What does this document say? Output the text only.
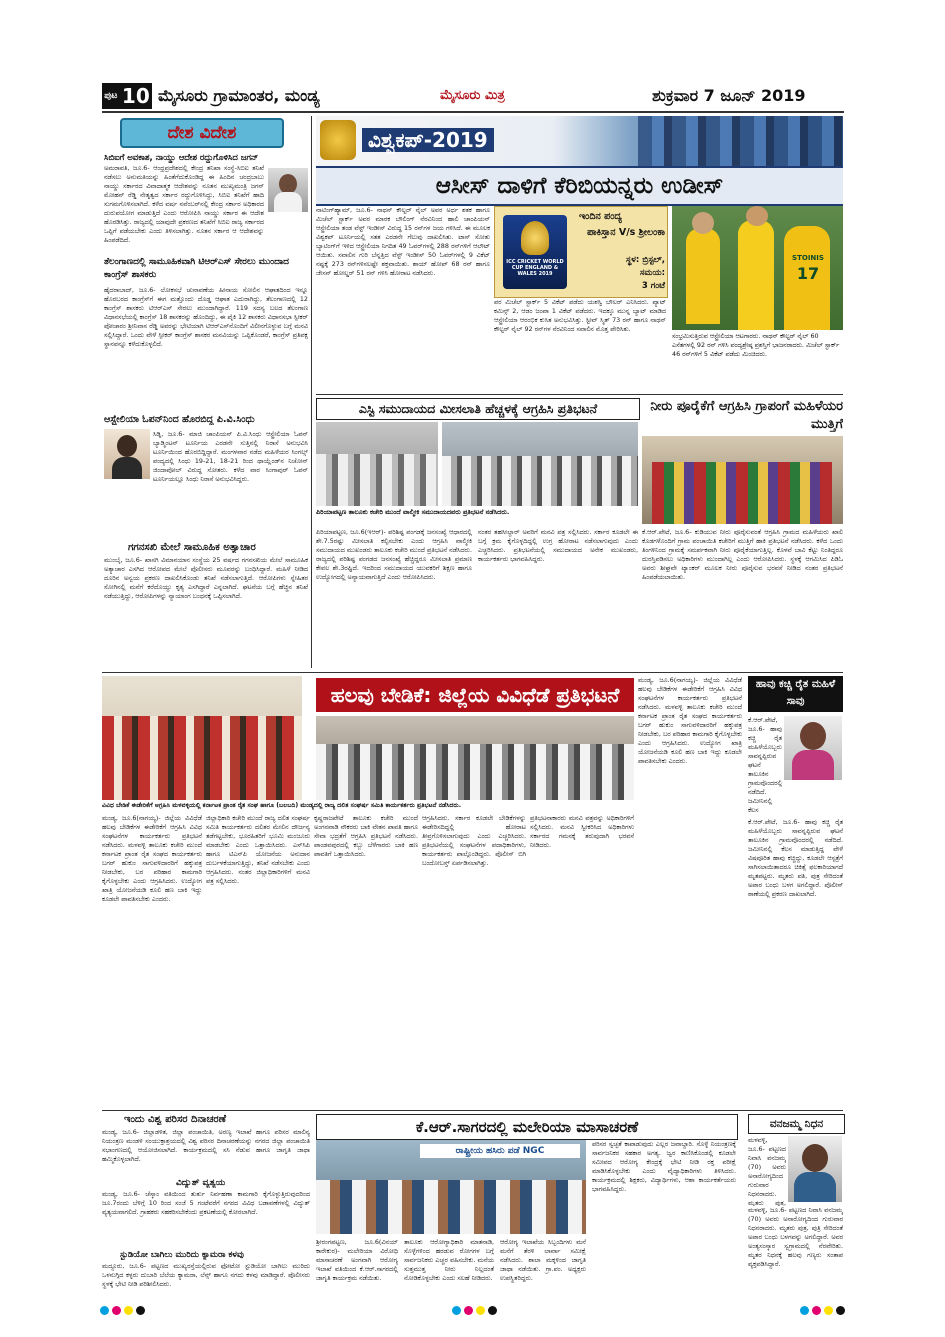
ಪುಟ 10 ಮೈಸೂರು ಗ್ರಾಮಾಂತರ, ಮಂಡ್ಯ	ಮೈಸೂರು ಮಿತ್ರ	ಶುಕ್ರವಾರ 7 ಜೂನ್ 2019
ದೇಶ ವಿದೇಶ
ಸಿಬಿಐಗೆ ಅವಕಾಶ, ನಾಯ್ಡು ಆದೇಶ ರದ್ದುಗೊಳಿಸಿದ ಜಗನ್
ಅಮರಾವತಿ, ಜೂ.6- ಆಂಧ್ರಪ್ರದೇಶದಲ್ಲಿ ಕೇಂದ್ರ ತನಿಖಾ ಸಂಸ್ಥೆ-ಸಿಬಿಐ ತನಿಖೆ ನಡೆಸಲು ಅನುಮತಿಯನ್ನು ಹಿಂತೆಗೆದುಕೊಂಡಿದ್ದ ಈ ಹಿಂದಿನ ಚಂದ್ರಬಾಬು ನಾಯ್ಡು ಸರ್ಕಾರದ ವಿವಾದಾತ್ಮಕ ಆದೇಶವನ್ನು ನೂತನ ಮುಖ್ಯಮಂತ್ರಿ ಜಗನ್ ಮೋಹನ್ ರೆಡ್ಡಿ ನೇತೃತ್ವದ ಸರ್ಕಾರ ರದ್ದುಗೊಳಿಸಿದ್ದು, ಸಿಬಿಐ ತನಿಖೆಗೆ ಹಾದಿ ಸುಗಮಗೊಳಿಸಲಾಗಿದೆ. ಕಳೆದ ವರ್ಷ ನವೆಂಬರ್‌ನಲ್ಲಿ ಕೇಂದ್ರ ಸರ್ಕಾರ ಅಧಿಕಾರದ ದುರುಪಯೋಗ ಮಾಡುತ್ತಿದೆ ಎಂದು ಆರೋಪಿಸಿ ನಾಯ್ಡು ಸರ್ಕಾರ ಈ ಆದೇಶ ಹೊರಡಿಸಿತ್ತು. ರಾಜ್ಯದಲ್ಲಿ ಯಾವುದೇ ಪ್ರಕರಣದ ತನಿಖೆಗೆ ಸಿಬಿಐ ರಾಜ್ಯ ಸರ್ಕಾರದ ಒಪ್ಪಿಗೆ ಪಡೆಯಬೇಕು ಎಂದು ತಿಳಿಸಲಾಗಿತ್ತು. ನೂತನ ಸರ್ಕಾರ ಆ ಆದೇಶವನ್ನು ಹಿಂಪಡೆದಿದೆ.
ತೆಲಂಗಾಣದಲ್ಲಿ ಸಾಮೂಹಿಕವಾಗಿ ಟಿಆರ್‌ಎಸ್ ಸೇರಲು ಮುಂದಾದ ಕಾಂಗ್ರೆಸ್ ಶಾಸಕರು
ಹೈದರಾಬಾದ್, ಜೂ.6- ಲೋಕಸಭೆ ಚುನಾವಣೆಯ ಹೀನಾಯ ಸೋಲಿನ ಆಘಾತದಿಂದ ಇನ್ನೂ ಹೊರಬರದ ಕಾಂಗ್ರೆಸ್‌ಗೆ ಈಗ ಮತ್ತೊಂದು ದೊಡ್ಡ ಆಘಾತ ಎದುರಾಗಿದ್ದು, ತೆಲಂಗಾಣದಲ್ಲಿ 12 ಕಾಂಗ್ರೆಸ್ ಶಾಸಕರು ಟಿಆರ್‌ಎಸ್ ಸೇರಲು ಮುಂದಾಗಿದ್ದಾರೆ. 119 ಸದಸ್ಯ ಬಲದ ತೆಲಂಗಾಣ ವಿಧಾನಸಭೆಯಲ್ಲಿ ಕಾಂಗ್ರೆಸ್ 18 ಶಾಸಕರನ್ನು ಹೊಂದಿದ್ದು, ಈ ಪೈಕಿ 12 ಶಾಸಕರು ವಿಧಾನಸಭಾ ಸ್ಪೀಕರ್ ಪೋಚಾರಂ ಶ್ರೀನಿವಾಸ ರೆಡ್ಡಿ ಅವರನ್ನು ಭೇಟಿಯಾಗಿ ಟಿಆರ್‌ಎಸ್‌ನೊಂದಿಗೆ ವಿಲೀನಗೊಳ್ಳುವ ಬಗ್ಗೆ ಮನವಿ ಸಲ್ಲಿಸಿದ್ದಾರೆ. ಒಂದು ವೇಳೆ ಸ್ಪೀಕರ್ ಕಾಂಗ್ರೆಸ್ ಶಾಸಕರ ಮನವಿಯನ್ನು ಒಪ್ಪಿಕೊಂಡರೆ, ಕಾಂಗ್ರೆಸ್ ಪ್ರತಿಪಕ್ಷ ಸ್ಥಾನವನ್ನೂ ಕಳೆದುಕೊಳ್ಳಲಿದೆ.
ಆಸ್ಟ್ರೇಲಿಯಾ ಓಪನ್‌ನಿಂದ ಹೊರಬಿದ್ದ ಪಿ.ವಿ.ಸಿಂಧು
ಸಿಡ್ನಿ, ಜೂ.6- ಮಾಜಿ ಚಾಂಪಿಯನ್ ಪಿ.ವಿ.ಸಿಂಧು ಆಸ್ಟ್ರೇಲಿಯಾ ಓಪನ್ ಬ್ಯಾಡ್ಮಿಂಟನ್ ಟೂರ್ನಿಯ ಎರಡನೇ ಸುತ್ತಿನಲ್ಲಿ ನಿರಾಸೆ ಅನುಭವಿಸಿ ಟೂರ್ನಿಯಿಂದ ಹೊರಬಿದ್ದಿದ್ದಾರೆ. ಮಂಗಳವಾರ ನಡೆದ ಮಹಿಳೆಯರ ಸಿಂಗಲ್ಸ್ ಪಂದ್ಯದಲ್ಲಿ ಸಿಂಧು 19-21, 18-21 ರಿಂದ ಥಾಯ್ಲೆಂಡ್‌ನ ನಿಚೋನ್ ಜಿಂದಾಪೋಲ್ ವಿರುದ್ಧ ಸೋತರು. ಕಳೆದ ವಾರ ಸಿಂಗಾಪುರ್ ಓಪನ್ ಟೂರ್ನಿಯಲ್ಲೂ ಸಿಂಧು ನಿರಾಸೆ ಅನುಭವಿಸಿದ್ದರು.
ಗಗನಸಖಿ ಮೇಲೆ ಸಾಮೂಹಿಕ ಅತ್ಯಾಚಾರ
ಮುಂಬೈ, ಜೂ.6- ಖಾಸಗಿ ವಿಮಾನಯಾನ ಸಂಸ್ಥೆಯ 25 ವರ್ಷದ ಗಗನಸಖಿಯ ಮೇಲೆ ಸಾಮೂಹಿಕ ಅತ್ಯಾಚಾರ ಎಸಗಿದ ಆರೋಪದ ಮೇಲೆ ಪೊಲೀಸರು ಮೂವರನ್ನು ಬಂಧಿಸಿದ್ದಾರೆ. ಮಹಿಳೆ ನೀಡಿದ ದೂರಿನ ಅನ್ವಯ ಪ್ರಕರಣ ದಾಖಲಿಸಿಕೊಂಡು ತನಿಖೆ ನಡೆಸಲಾಗುತ್ತಿದೆ. ಆರೋಪಿಗಳು ಸ್ನೇಹಿತರ ಸೋಗಿನಲ್ಲಿ ಮನೆಗೆ ಕರೆದೊಯ್ದು ಕೃತ್ಯ ಎಸಗಿದ್ದಾರೆ ಎನ್ನಲಾಗಿದೆ. ಘಟನೆಯ ಬಗ್ಗೆ ಹೆಚ್ಚಿನ ತನಿಖೆ ನಡೆಯುತ್ತಿದ್ದು, ಆರೋಪಿಗಳನ್ನು ನ್ಯಾಯಾಂಗ ಬಂಧನಕ್ಕೆ ಒಪ್ಪಿಸಲಾಗಿದೆ.
ವಿಶ್ವಕಪ್-2019
ಆಸೀಸ್ ದಾಳಿಗೆ ಕೆರಿಬಿಯನ್ನರು ಉಡೀಸ್
ನಾಟಿಂಗ್‌ಹ್ಯಾಮ್, ಜೂ.6- ನಾಥನ್ ಕೌಲ್ಟರ್ ನೈಲ್ ಅವರ ಅರ್ಧ ಶತಕ ಹಾಗೂ ಮಿಚೆಲ್ ಸ್ಟಾರ್ಕ್ ಅವರ ಮಾರಕ ಬೌಲಿಂಗ್ ನೆರವಿನಿಂದ ಹಾಲಿ ಚಾಂಪಿಯನ್ ಆಸ್ಟ್ರೇಲಿಯಾ ತಂಡ ವೆಸ್ಟ್ ಇಂಡೀಸ್ ವಿರುದ್ಧ 15 ರನ್‌ಗಳ ಜಯ ಗಳಿಸಿದೆ. ಈ ಮೂಲಕ ವಿಶ್ವಕಪ್ ಟೂರ್ನಿಯಲ್ಲಿ ಸತತ ಎರಡನೇ ಗೆಲುವು ದಾಖಲಿಸಿತು. ಟಾಸ್ ಸೋತು ಬ್ಯಾಟಿಂಗ್‌ಗೆ ಇಳಿದ ಆಸ್ಟ್ರೇಲಿಯಾ ನಿಗದಿತ 49 ಓವರ್‌ಗಳಲ್ಲಿ 288 ರನ್‌ಗಳಿಗೆ ಆಲೌಟ್ ಆಯಿತು. ಸವಾಲಿನ ಗುರಿ ಬೆನ್ನತ್ತಿದ ವೆಸ್ಟ್ ಇಂಡೀಸ್ 50 ಓವರ್‌ಗಳಲ್ಲಿ 9 ವಿಕೆಟ್ ನಷ್ಟಕ್ಕೆ 273 ರನ್‌ಗಳಿಸಲಷ್ಟೇ ಶಕ್ತವಾಯಿತು. ಶಾಯ್ ಹೋಪ್ 68 ರನ್ ಹಾಗೂ ಜೇಸನ್ ಹೋಲ್ಡರ್ 51 ರನ್ ಗಳಿಸಿ ಹೋರಾಟ ನಡೆಸಿದರು.
ICC CRICKET WORLD CUP ENGLAND & WALES 2019
ಇಂದಿನ ಪಂದ್ಯ
ಪಾಕಿಸ್ತಾನ V/s ಶ್ರೀಲಂಕಾ
ಸ್ಥಳ: ಬ್ರಿಸ್ಟಲ್,
ಸಮಯ:
3 ಗಂಟೆ
ಪರ ಮಿಚೆಲ್ ಸ್ಟಾರ್ಕ್ 5 ವಿಕೆಟ್ ಪಡೆದು ಯಶಸ್ವಿ ಬೌಲರ್ ಎನಿಸಿದರು. ಪ್ಯಾಟ್ ಕಮಿನ್ಸ್ 2, ಆಡಂ ಜಂಪಾ 1 ವಿಕೆಟ್ ಪಡೆದರು. ಇದಕ್ಕೂ ಮುನ್ನ ಬ್ಯಾಟ್ ಮಾಡಿದ ಆಸ್ಟ್ರೇಲಿಯಾ ಆರಂಭಿಕ ಕುಸಿತ ಅನುಭವಿಸಿತ್ತು. ಸ್ಟೀವ್ ಸ್ಮಿತ್ 73 ರನ್ ಹಾಗೂ ನಾಥನ್ ಕೌಲ್ಟರ್ ನೈಲ್ 92 ರನ್‌ಗಳ ನೆರವಿನಿಂದ ಸವಾಲಿನ ಮೊತ್ತ ಪೇರಿಸಿತು.
STOINIS
17
ಸಂಭ್ರಮಿಸುತ್ತಿರುವ ಆಸ್ಟ್ರೇಲಿಯಾ ಆಟಗಾರರು. ನಾಥನ್ ಕೌಲ್ಟರ್ ನೈಲ್ 60 ಎಸೆತಗಳಲ್ಲಿ 92 ರನ್ ಗಳಿಸಿ ಪಂದ್ಯಶ್ರೇಷ್ಠ ಪ್ರಶಸ್ತಿಗೆ ಭಾಜನರಾದರು. ಮಿಚೆಲ್ ಸ್ಟಾರ್ಕ್ 46 ರನ್‌ಗಳಿಗೆ 5 ವಿಕೆಟ್ ಪಡೆದು ಮಿಂಚಿದರು.
ಎಸ್ಟಿ ಸಮುದಾಯದ ಮೀಸಲಾತಿ ಹೆಚ್ಚಳಕ್ಕೆ ಆಗ್ರಹಿಸಿ ಪ್ರತಿಭಟನೆ
ಪಿರಿಯಾಪಟ್ಟಣ ತಾಲೂಕು ಕಚೇರಿ ಮುಂದೆ ವಾಲ್ಮೀಕಿ ಸಮುದಾಯದವರು ಪ್ರತಿಭಟನೆ ನಡೆಸಿದರು.
ಪಿರಿಯಾಪಟ್ಟಣ, ಜೂ.6(ಇಆರ್)- ಪರಿಶಿಷ್ಟ ಪಂಗಡಕ್ಕೆ ಜನಸಂಖ್ಯೆ ಆಧಾರದಲ್ಲಿ ಶೇ.7.5ರಷ್ಟು ಮೀಸಲಾತಿ ಕಲ್ಪಿಸಬೇಕು ಎಂದು ಆಗ್ರಹಿಸಿ ವಾಲ್ಮೀಕಿ ಸಮುದಾಯದ ಮುಖಂಡರು ತಾಲೂಕು ಕಚೇರಿ ಮುಂದೆ ಪ್ರತಿಭಟನೆ ನಡೆಸಿದರು. ರಾಜ್ಯದಲ್ಲಿ ಪರಿಶಿಷ್ಟ ಪಂಗಡದ ಜನಸಂಖ್ಯೆ ಹೆಚ್ಚಿದ್ದರೂ ಮೀಸಲಾತಿ ಪ್ರಮಾಣ ಕೇವಲ ಶೇ.3ರಷ್ಟಿದೆ. ಇದರಿಂದ ಸಮುದಾಯದ ಯುವಕರಿಗೆ ಶಿಕ್ಷಣ ಹಾಗೂ ಉದ್ಯೋಗದಲ್ಲಿ ಅನ್ಯಾಯವಾಗುತ್ತಿದೆ ಎಂದು ಆರೋಪಿಸಿದರು.
ನಂತರ ತಹಸೀಲ್ದಾರ್ ಅವರಿಗೆ ಮನವಿ ಪತ್ರ ಸಲ್ಲಿಸಿದರು. ಸರ್ಕಾರ ಕೂಡಲೇ ಈ ಬಗ್ಗೆ ಕ್ರಮ ಕೈಗೊಳ್ಳದಿದ್ದಲ್ಲಿ ಉಗ್ರ ಹೋರಾಟ ನಡೆಸಲಾಗುವುದು ಎಂದು ಎಚ್ಚರಿಸಿದರು. ಪ್ರತಿಭಟನೆಯಲ್ಲಿ ಸಮುದಾಯದ ಅನೇಕ ಮುಖಂಡರು, ಕಾರ್ಯಕರ್ತರು ಭಾಗವಹಿಸಿದ್ದರು.
ನೀರು ಪೂರೈಕೆಗೆ ಆಗ್ರಹಿಸಿ ಗ್ರಾಪಂಗೆ ಮಹಿಳೆಯರ ಮುತ್ತಿಗೆ
ಕೆ.ಆರ್.ಪೇಟೆ, ಜೂ.6- ಕುಡಿಯುವ ನೀರು ಪೂರೈಸುವಂತೆ ಆಗ್ರಹಿಸಿ ಗ್ರಾಮದ ಮಹಿಳೆಯರು ಖಾಲಿ ಕೊಡಗಳೊಂದಿಗೆ ಗ್ರಾಮ ಪಂಚಾಯಿತಿ ಕಚೇರಿಗೆ ಮುತ್ತಿಗೆ ಹಾಕಿ ಪ್ರತಿಭಟನೆ ನಡೆಸಿದರು. ಕಳೆದ ಒಂದು ತಿಂಗಳಿನಿಂದ ಗ್ರಾಮಕ್ಕೆ ಸಮರ್ಪಕವಾಗಿ ನೀರು ಪೂರೈಕೆಯಾಗುತ್ತಿಲ್ಲ. ಕೊಳವೆ ಬಾವಿ ಕೆಟ್ಟು ನಿಂತಿದ್ದರೂ ದುರಸ್ತಿಪಡಿಸಲು ಅಧಿಕಾರಿಗಳು ಮುಂದಾಗಿಲ್ಲ ಎಂದು ಆರೋಪಿಸಿದರು. ಸ್ಥಳಕ್ಕೆ ಆಗಮಿಸಿದ ಪಿಡಿಓ ಅವರು ಶೀಘ್ರವೇ ಟ್ಯಾಂಕರ್ ಮೂಲಕ ನೀರು ಪೂರೈಸುವ ಭರವಸೆ ನೀಡಿದ ನಂತರ ಪ್ರತಿಭಟನೆ ಹಿಂಪಡೆಯಲಾಯಿತು.
ಹಲವು ಬೇಡಿಕೆ: ಜಿಲ್ಲೆಯ ವಿವಿಧೆಡೆ ಪ್ರತಿಭಟನೆ
ವಿವಿಧ ಬೇಡಿಕೆ ಈಡೇರಿಕೆಗೆ ಆಗ್ರಹಿಸಿ ಮಳವಳ್ಳಿಯಲ್ಲಿ ಕರ್ನಾಟಕ ಪ್ರಾಂತ ರೈತ ಸಂಘ ಹಾಗೂ (ಬಲಬದಿ) ಮಂಡ್ಯದಲ್ಲಿ ರಾಜ್ಯ ದಲಿತ ಸಂಘರ್ಷ ಸಮಿತಿ ಕಾರ್ಯಕರ್ತರು ಪ್ರತಿಭಟನೆ ನಡೆಸಿದರು.
ಮಂಡ್ಯ, ಜೂ.6(ನಾಗಯ್ಯ)- ಜಿಲ್ಲೆಯ ವಿವಿಧೆಡೆ ಹಲವು ಬೇಡಿಕೆಗಳ ಈಡೇರಿಕೆಗೆ ಆಗ್ರಹಿಸಿ ವಿವಿಧ ಸಂಘಟನೆಗಳ ಕಾರ್ಯಕರ್ತರು ಪ್ರತಿಭಟನೆ ನಡೆಸಿದರು. ಮಳವಳ್ಳಿ ತಾಲೂಕು ಕಚೇರಿ ಮುಂದೆ ಕರ್ನಾಟಕ ಪ್ರಾಂತ ರೈತ ಸಂಘದ ಕಾರ್ಯಕರ್ತರು ಬಗರ್ ಹುಕುಂ ಸಾಗುವಳಿದಾರರಿಗೆ ಹಕ್ಕುಪತ್ರ ನೀಡಬೇಕು, ಬರ ಪರಿಹಾರ ಕಾಮಗಾರಿ ಕೈಗೊಳ್ಳಬೇಕು ಎಂದು ಆಗ್ರಹಿಸಿದರು. ಉದ್ಯೋಗ ಖಾತ್ರಿ ಯೋಜನೆಯಡಿ ಕೂಲಿ ಹಣ ಬಾಕಿ ಇದ್ದು ಕೂಡಲೇ ಪಾವತಿಸಬೇಕು ಎಂದರು.
ಜಿಲ್ಲಾಧಿಕಾರಿ ಕಚೇರಿ ಮುಂದೆ ರಾಜ್ಯ ದಲಿತ ಸಂಘರ್ಷ ಸಮಿತಿ ಕಾರ್ಯಕರ್ತರು ದಲಿತರ ಮೇಲಿನ ದೌರ್ಜನ್ಯ ತಡೆಗಟ್ಟಬೇಕು, ಭೂರಹಿತರಿಗೆ ಭೂಮಿ ಮಂಜೂರು ಮಾಡಬೇಕು ಎಂದು ಒತ್ತಾಯಿಸಿದರು. ಎಸ್‌ಸಿಪಿ ಹಾಗೂ ಟಿಎಸ್‌ಪಿ ಯೋಜನೆಯ ಅನುದಾನ ದುರ್ಬಳಕೆಯಾಗುತ್ತಿದ್ದು, ತನಿಖೆ ನಡೆಸಬೇಕು ಎಂದು ಆಗ್ರಹಿಸಿದರು. ನಂತರ ಜಿಲ್ಲಾಧಿಕಾರಿಗಳಿಗೆ ಮನವಿ ಪತ್ರ ಸಲ್ಲಿಸಿದರು.
ಕೃಷ್ಣರಾಜಪೇಟೆ ತಾಲೂಕು ಕಚೇರಿ ಮುಂದೆ ಅಂಗನವಾಡಿ ನೌಕರರು ಬಾಕಿ ವೇತನ ಪಾವತಿ ಹಾಗೂ ಸೇವಾ ಭದ್ರತೆಗೆ ಆಗ್ರಹಿಸಿ ಪ್ರತಿಭಟನೆ ನಡೆಸಿದರು. ಪಾಂಡವಪುರದಲ್ಲಿ ಕಬ್ಬು ಬೆಳೆಗಾರರು ಬಾಕಿ ಹಣ ಪಾವತಿಗೆ ಒತ್ತಾಯಿಸಿದರು.
ಆಗ್ರಹಿಸಿದರು. ಸರ್ಕಾರ ಕೂಡಲೇ ಬೇಡಿಕೆಗಳನ್ನು ಈಡೇರಿಸದಿದ್ದಲ್ಲಿ ಹೋರಾಟ ತೀವ್ರಗೊಳಿಸಲಾಗುವುದು ಎಂದು ಎಚ್ಚರಿಸಿದರು. ಪ್ರತಿಭಟನೆಯಲ್ಲಿ ಸಂಘಟನೆಗಳ ಪದಾಧಿಕಾರಿಗಳು, ಕಾರ್ಯಕರ್ತರು ಪಾಲ್ಗೊಂಡಿದ್ದರು. ಪೊಲೀಸ್ ಬಿಗಿ ಬಂದೋಬಸ್ತ್ ಏರ್ಪಡಿಸಲಾಗಿತ್ತು.
ಪ್ರತಿಭಟನಾಕಾರರು ಮನವಿ ಪತ್ರವನ್ನು ಅಧಿಕಾರಿಗಳಿಗೆ ಸಲ್ಲಿಸಿದರು. ಮನವಿ ಸ್ವೀಕರಿಸಿದ ಅಧಿಕಾರಿಗಳು ಸರ್ಕಾರದ ಗಮನಕ್ಕೆ ತರುವುದಾಗಿ ಭರವಸೆ ನೀಡಿದರು.
ಮಂಡ್ಯ, ಜೂ.6(ನಾಗಯ್ಯ)- ಜಿಲ್ಲೆಯ ವಿವಿಧೆಡೆ ಹಲವು ಬೇಡಿಕೆಗಳ ಈಡೇರಿಕೆಗೆ ಆಗ್ರಹಿಸಿ ವಿವಿಧ ಸಂಘಟನೆಗಳ ಕಾರ್ಯಕರ್ತರು ಪ್ರತಿಭಟನೆ ನಡೆಸಿದರು. ಮಳವಳ್ಳಿ ತಾಲೂಕು ಕಚೇರಿ ಮುಂದೆ ಕರ್ನಾಟಕ ಪ್ರಾಂತ ರೈತ ಸಂಘದ ಕಾರ್ಯಕರ್ತರು ಬಗರ್ ಹುಕುಂ ಸಾಗುವಳಿದಾರರಿಗೆ ಹಕ್ಕುಪತ್ರ ನೀಡಬೇಕು, ಬರ ಪರಿಹಾರ ಕಾಮಗಾರಿ ಕೈಗೊಳ್ಳಬೇಕು ಎಂದು ಆಗ್ರಹಿಸಿದರು. ಉದ್ಯೋಗ ಖಾತ್ರಿ ಯೋಜನೆಯಡಿ ಕೂಲಿ ಹಣ ಬಾಕಿ ಇದ್ದು ಕೂಡಲೇ ಪಾವತಿಸಬೇಕು ಎಂದರು.
ಹಾವು ಕಚ್ಚಿ ರೈತ ಮಹಿಳೆ ಸಾವು
ಕೆ.ಆರ್.ಪೇಟೆ, ಜೂ.6- ಹಾವು ಕಚ್ಚಿ ರೈತ ಮಹಿಳೆಯೊಬ್ಬರು ಸಾವನ್ನಪ್ಪಿರುವ ಘಟನೆ ತಾಲೂಕಿನ ಗ್ರಾಮವೊಂದರಲ್ಲಿ ನಡೆದಿದೆ. ಜಮೀನಿನಲ್ಲಿ ಕೆಲಸ
ಕೆ.ಆರ್.ಪೇಟೆ, ಜೂ.6- ಹಾವು ಕಚ್ಚಿ ರೈತ ಮಹಿಳೆಯೊಬ್ಬರು ಸಾವನ್ನಪ್ಪಿರುವ ಘಟನೆ ತಾಲೂಕಿನ ಗ್ರಾಮವೊಂದರಲ್ಲಿ ನಡೆದಿದೆ. ಜಮೀನಿನಲ್ಲಿ ಕೆಲಸ ಮಾಡುತ್ತಿದ್ದ ವೇಳೆ ವಿಷಪೂರಿತ ಹಾವು ಕಚ್ಚಿದ್ದು, ಕೂಡಲೇ ಆಸ್ಪತ್ರೆಗೆ ಸಾಗಿಸಲಾಯಿತಾದರೂ ಚಿಕಿತ್ಸೆ ಫಲಕಾರಿಯಾಗದೆ ಮೃತಪಟ್ಟರು. ಮೃತರು ಪತಿ, ಪುತ್ರ ಸೇರಿದಂತೆ ಅಪಾರ ಬಂಧು ಬಳಗ ಅಗಲಿದ್ದಾರೆ. ಪೊಲೀಸ್ ಠಾಣೆಯಲ್ಲಿ ಪ್ರಕರಣ ದಾಖಲಾಗಿದೆ.
ಇಂದು ವಿಶ್ವ ಪರಿಸರ ದಿನಾಚರಣೆ
ಮಂಡ್ಯ, ಜೂ.6- ಜಿಲ್ಲಾಡಳಿತ, ಜಿಲ್ಲಾ ಪಂಚಾಯಿತಿ, ಅರಣ್ಯ ಇಲಾಖೆ ಹಾಗೂ ಪರಿಸರ ಮಾಲಿನ್ಯ ನಿಯಂತ್ರಣ ಮಂಡಳಿ ಸಂಯುಕ್ತಾಶ್ರಯದಲ್ಲಿ ವಿಶ್ವ ಪರಿಸರ ದಿನಾಚರಣೆಯನ್ನು ನಗರದ ಜಿಲ್ಲಾ ಪಂಚಾಯಿತಿ ಸಭಾಂಗಣದಲ್ಲಿ ಆಯೋಜಿಸಲಾಗಿದೆ. ಕಾರ್ಯಕ್ರಮದಲ್ಲಿ ಸಸಿ ನೆಡುವ ಹಾಗೂ ಜಾಗೃತಿ ಜಾಥಾ ಹಮ್ಮಿಕೊಳ್ಳಲಾಗಿದೆ.
ವಿದ್ಯುತ್ ವ್ಯತ್ಯಯ
ಮಂಡ್ಯ, ಜೂ.6- ಚೆಸ್ಕಾಂ ವತಿಯಿಂದ ತುರ್ತು ನಿರ್ವಹಣಾ ಕಾಮಗಾರಿ ಕೈಗೊಳ್ಳುತ್ತಿರುವುದರಿಂದ ಜೂ.7ರಂದು ಬೆಳಿಗ್ಗೆ 10 ರಿಂದ ಸಂಜೆ 5 ಗಂಟೆವರೆಗೆ ನಗರದ ವಿವಿಧ ಬಡಾವಣೆಗಳಲ್ಲಿ ವಿದ್ಯುತ್ ವ್ಯತ್ಯಯವಾಗಲಿದೆ. ಗ್ರಾಹಕರು ಸಹಕರಿಸಬೇಕೆಂದು ಪ್ರಕಟಣೆಯಲ್ಲಿ ಕೋರಲಾಗಿದೆ.
ಸ್ಟುಡಿಯೋ ಬಾಗಿಲು ಮುರಿದು ಕ್ಯಾಮರಾ ಕಳವು
ಮದ್ದೂರು, ಜೂ.6- ಪಟ್ಟಣದ ಮುಖ್ಯರಸ್ತೆಯಲ್ಲಿರುವ ಫೋಟೋ ಸ್ಟುಡಿಯೋ ಬಾಗಿಲು ಮುರಿದು ಒಳನುಗ್ಗಿದ ಕಳ್ಳರು ದುಬಾರಿ ಬೆಲೆಯ ಕ್ಯಾಮರಾ, ಲೆನ್ಸ್ ಹಾಗೂ ನಗದು ಕಳವು ಮಾಡಿದ್ದಾರೆ. ಪೊಲೀಸರು ಸ್ಥಳಕ್ಕೆ ಭೇಟಿ ನೀಡಿ ಪರಿಶೀಲಿಸಿದರು.
ಕೆ.ಆರ್.ಸಾಗರದಲ್ಲಿ ಮಲೇರಿಯಾ ಮಾಸಾಚರಣೆ
ರಾಷ್ಟ್ರೀಯ ಹಸಿರು ಪಡೆ NGC
ಶ್ರೀರಂಗಪಟ್ಟಣ, ಜೂ.6(ವಿನಯ್ ಕಾರೇಕುರ)- ಮಲೇರಿಯಾ ವಿರೋಧಿ ಮಾಸಾಚರಣೆ ಅಂಗವಾಗಿ ಆರೋಗ್ಯ ಇಲಾಖೆ ವತಿಯಿಂದ ಕೆ.ಆರ್.ಸಾಗರದಲ್ಲಿ ಜಾಗೃತಿ ಕಾರ್ಯಕ್ರಮ ನಡೆಯಿತು.
ತಾಲೂಕು ಆರೋಗ್ಯಾಧಿಕಾರಿ ಮಾತನಾಡಿ, ಸೊಳ್ಳೆಗಳಿಂದ ಹರಡುವ ರೋಗಗಳ ಬಗ್ಗೆ ಸಾರ್ವಜನಿಕರು ಎಚ್ಚರ ವಹಿಸಬೇಕು. ಮನೆಯ ಸುತ್ತಮುತ್ತ ನೀರು ನಿಲ್ಲದಂತೆ ನೋಡಿಕೊಳ್ಳಬೇಕು ಎಂದು ಸಲಹೆ ನೀಡಿದರು.
ಆರೋಗ್ಯ ಇಲಾಖೆಯ ಸಿಬ್ಬಂದಿಗಳು ಮನೆ ಮನೆಗೆ ತೆರಳಿ ಲಾರ್ವಾ ಸಮೀಕ್ಷೆ ನಡೆಸಿದರು. ಶಾಲಾ ಮಕ್ಕಳಿಂದ ಜಾಗೃತಿ ಜಾಥಾ ನಡೆಯಿತು. ಗ್ರಾ.ಪಂ. ಅಧ್ಯಕ್ಷರು ಉಪಸ್ಥಿತರಿದ್ದರು.
ಪರಿಸರ ಸ್ವಚ್ಛತೆ ಕಾಪಾಡುವುದು ಎಲ್ಲರ ಜವಾಬ್ದಾರಿ. ಸೊಳ್ಳೆ ನಿಯಂತ್ರಣಕ್ಕೆ ಸಾರ್ವಜನಿಕರ ಸಹಕಾರ ಅಗತ್ಯ. ಜ್ವರ ಕಾಣಿಸಿಕೊಂಡಲ್ಲಿ ಕೂಡಲೇ ಸಮೀಪದ ಆರೋಗ್ಯ ಕೇಂದ್ರಕ್ಕೆ ಭೇಟಿ ನೀಡಿ ರಕ್ತ ಪರೀಕ್ಷೆ ಮಾಡಿಸಿಕೊಳ್ಳಬೇಕು ಎಂದು ವೈದ್ಯಾಧಿಕಾರಿಗಳು ತಿಳಿಸಿದರು. ಕಾರ್ಯಕ್ರಮದಲ್ಲಿ ಶಿಕ್ಷಕರು, ವಿದ್ಯಾರ್ಥಿಗಳು, ಆಶಾ ಕಾರ್ಯಕರ್ತೆಯರು ಭಾಗವಹಿಸಿದ್ದರು.
ವನಜಮ್ಮ ನಿಧನ
ಮಳವಳ್ಳಿ, ಜೂ.6- ಪಟ್ಟಣದ ನಿವಾಸಿ ವನಜಮ್ಮ (70) ಅವರು ಅನಾರೋಗ್ಯದಿಂದ ಗುರುವಾರ ನಿಧನರಾದರು. ಮೃತರು ಪುತ್ರ,
ಮಳವಳ್ಳಿ, ಜೂ.6- ಪಟ್ಟಣದ ನಿವಾಸಿ ವನಜಮ್ಮ (70) ಅವರು ಅನಾರೋಗ್ಯದಿಂದ ಗುರುವಾರ ನಿಧನರಾದರು. ಮೃತರು ಪುತ್ರ, ಪುತ್ರಿ ಸೇರಿದಂತೆ ಅಪಾರ ಬಂಧು ಬಳಗವನ್ನು ಅಗಲಿದ್ದಾರೆ. ಅವರ ಅಂತ್ಯಸಂಸ್ಕಾರ ಸ್ವಗ್ರಾಮದಲ್ಲಿ ನೆರವೇರಿತು. ಮೃತರ ನಿಧನಕ್ಕೆ ಹಲವು ಗಣ್ಯರು ಸಂತಾಪ ವ್ಯಕ್ತಪಡಿಸಿದ್ದಾರೆ.
